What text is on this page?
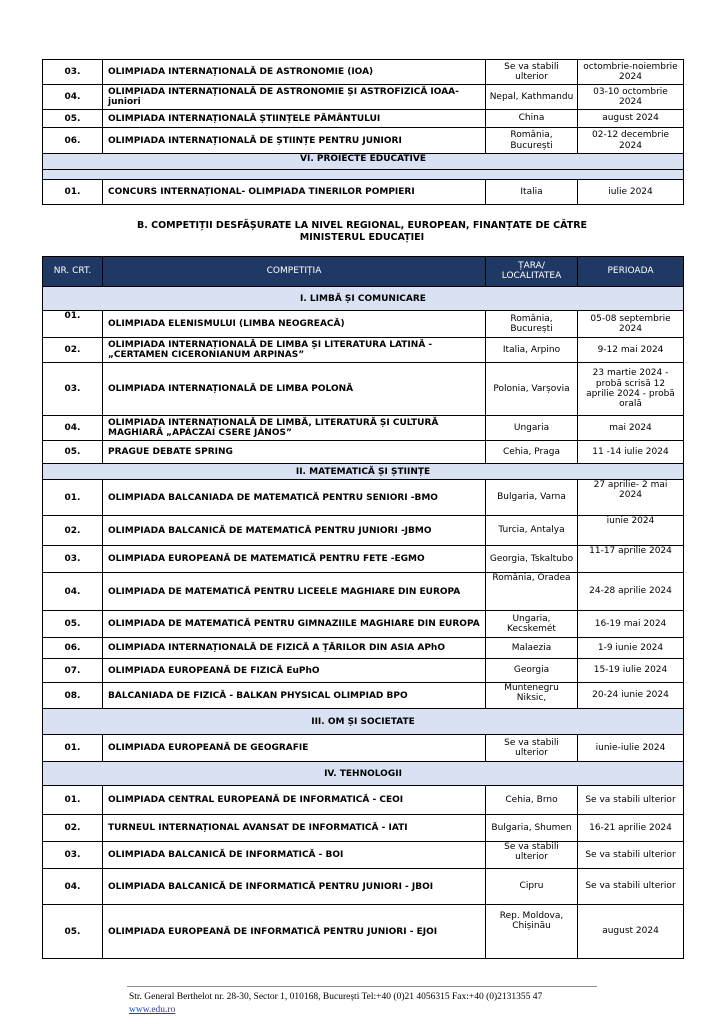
03.	OLIMPIADA INTERNAȚIONALĂ DE ASTRONOMIE (IOA)	Se va stabili ulterior	octombrie-noiembrie 2024
04.	OLIMPIADA INTERNAȚIONALĂ DE ASTRONOMIE ȘI ASTROFIZICĂ IOAA-juniori	Nepal, Kathmandu	03-10 octombrie 2024
05.	OLIMPIADA INTERNAȚIONALĂ ȘTIINȚELE PĂMÂNTULUI	China	august 2024
06.	OLIMPIADA INTERNAȚIONALĂ DE ȘTIINȚE PENTRU JUNIORI	România, București	02-12 decembrie 2024
VI. PROIECTE EDUCATIVE			

01.	CONCURS INTERNAȚIONAL- OLIMPIADA TINERILOR POMPIERI	Italia	iulie 2024
B. COMPETIȚII DESFĂȘURATE LA NIVEL REGIONAL, EUROPEAN, FINANȚATE DE CĂTRE
MINISTERUL EDUCAȚIEI
NR. CRT.	COMPETIȚIA	ȚARA/ LOCALITATEA	PERIOADA
I. LIMBĂ ȘI COMUNICARE			
01.	OLIMPIADA ELENISMULUI (LIMBA NEOGREACĂ)	România, București	05-08 septembrie 2024
02.	OLIMPIADA INTERNAȚIONALĂ DE LIMBA ȘI LITERATURA LATINĂ - „CERTAMEN CICERONIANUM ARPINAS”	Italia, Arpino	9-12 mai 2024
03.	OLIMPIADA INTERNAȚIONALĂ DE LIMBA POLONĂ	Polonia, Varșovia	23 martie 2024 - probă scrisă 12 aprilie 2024 - probă orală
04.	OLIMPIADA INTERNAȚIONALĂ DE LIMBĂ, LITERATURĂ ȘI CULTURĂ MAGHIARĂ „APÁCZAI CSERE JÁNOS”	Ungaria	mai 2024
05.	PRAGUE DEBATE SPRING	Cehia, Praga	11 -14 iulie 2024
II. MATEMATICĂ ȘI ȘTIINȚE			
01.	OLIMPIADA BALCANIADA DE MATEMATICĂ PENTRU SENIORI -BMO	Bulgaria, Varna	27 aprilie- 2 mai 2024
02.	OLIMPIADA BALCANICĂ DE MATEMATICĂ PENTRU JUNIORI -JBMO	Turcia, Antalya	iunie 2024
03.	OLIMPIADA EUROPEANĂ DE MATEMATICĂ PENTRU FETE -EGMO	Georgia, Tskaltubo	11-17 aprilie 2024
04.	OLIMPIADA DE MATEMATICĂ PENTRU LICEELE MAGHIARE DIN EUROPA	România, Oradea	24-28 aprilie 2024
05.	OLIMPIADA DE MATEMATICĂ PENTRU GIMNAZIILE MAGHIARE DIN EUROPA	Ungaria, Kecskemét	16-19 mai 2024
06.	OLIMPIADA INTERNAȚIONALĂ DE FIZICĂ A ȚĂRILOR DIN ASIA APhO	Malaezia	1-9 iunie 2024
07.	OLIMPIADA EUROPEANĂ DE FIZICĂ EuPhO	Georgia	15-19 iulie 2024
08.	BALCANIADA DE FIZICĂ - BALKAN PHYSICAL OLIMPIAD BPO	Muntenegru Niksic,	20-24 iunie 2024
III. OM ȘI SOCIETATE			
01.	OLIMPIADA EUROPEANĂ DE GEOGRAFIE	Se va stabili ulterior	iunie-iulie 2024
IV. TEHNOLOGII			
01.	OLIMPIADA CENTRAL EUROPEANĂ DE INFORMATICĂ - CEOI	Cehia, Brno	Se va stabili ulterior
02.	TURNEUL INTERNAȚIONAL AVANSAT DE INFORMATICĂ - IATI	Bulgaria, Shumen	16-21 aprilie 2024
03.	OLIMPIADA BALCANICĂ DE INFORMATICĂ - BOI	Se va stabili ulterior	Se va stabili ulterior
04.	OLIMPIADA BALCANICĂ DE INFORMATICĂ PENTRU JUNIORI - JBOI	Cipru	Se va stabili ulterior
05.	OLIMPIADA EUROPEANĂ DE INFORMATICĂ PENTRU JUNIORI - EJOI	Rep. Moldova, Chișinău	august 2024
Str. General Berthelot nr. 28-30, Sector 1, 010168, București Tel:+40 (0)21 4056315 Fax:+40 (0)2131355 47
www.edu.ro
